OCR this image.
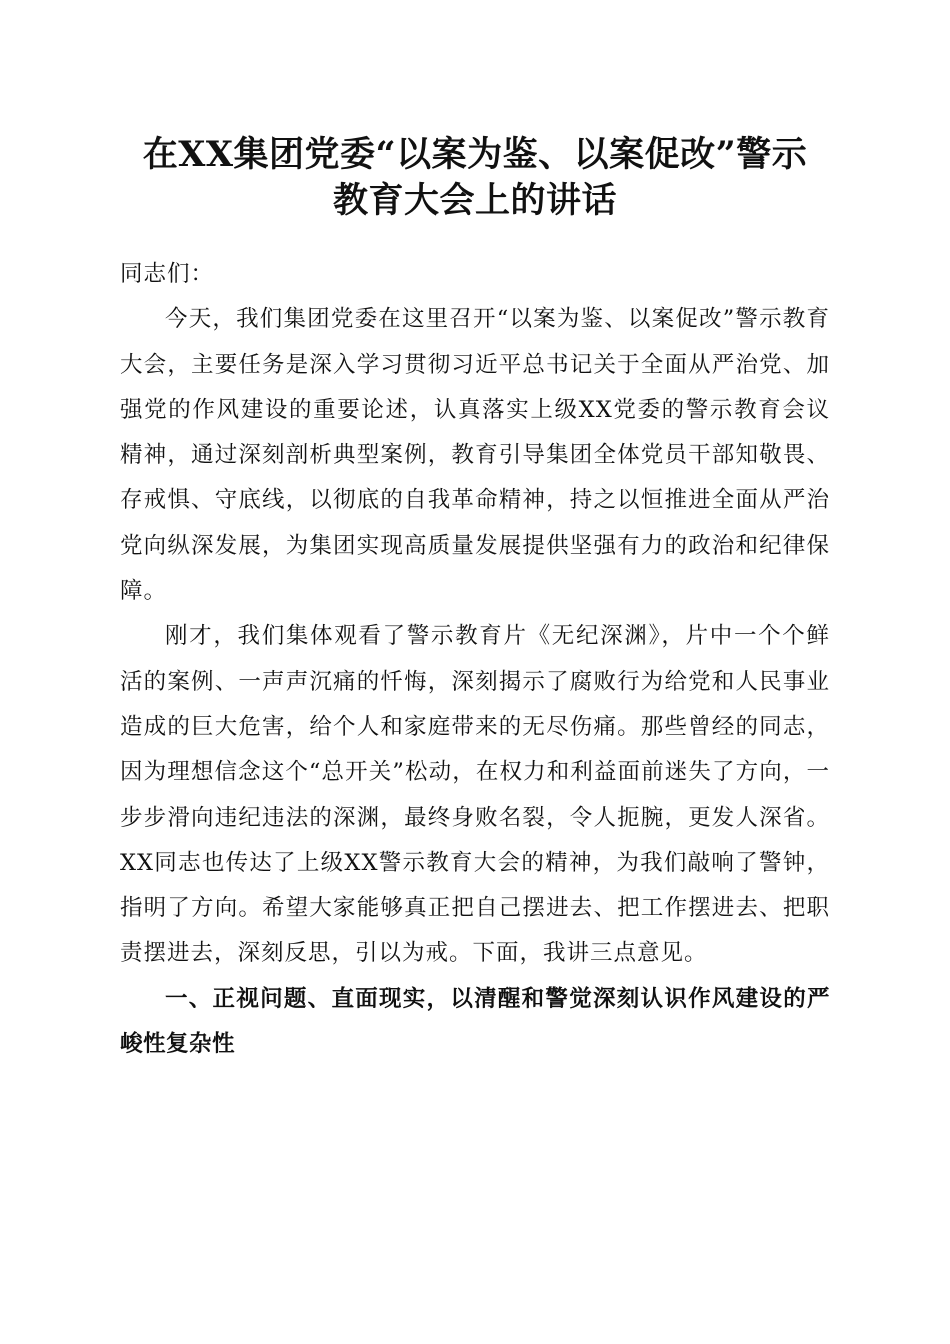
在XX集团党委“以案为鉴、以案促改”警示
教育大会上的讲话

同志们：

今天，我们集团党委在这里召开“以案为鉴、以案促改”警示教育大会，主要任务是深入学习贯彻习近平总书记关于全面从严治党、加强党的作风建设的重要论述，认真落实上级XX党委的警示教育会议精神，通过深刻剖析典型案例，教育引导集团全体党员干部知敬畏、存戒惧、守底线，以彻底的自我革命精神，持之以恒推进全面从严治党向纵深发展，为集团实现高质量发展提供坚强有力的政治和纪律保障。

刚才，我们集体观看了警示教育片《无纪深渊》，片中一个个鲜活的案例、一声声沉痛的忏悔，深刻揭示了腐败行为给党和人民事业造成的巨大危害，给个人和家庭带来的无尽伤痛。那些曾经的同志，因为理想信念这个“总开关”松动，在权力和利益面前迷失了方向，一步步滑向违纪违法的深渊，最终身败名裂，令人扼腕，更发人深省。XX同志也传达了上级XX警示教育大会的精神，为我们敲响了警钟，指明了方向。希望大家能够真正把自己摆进去、把工作摆进去、把职责摆进去，深刻反思，引以为戒。下面，我讲三点意见。

一、正视问题、直面现实，以清醒和警觉深刻认识作风建设的严峻性复杂性
